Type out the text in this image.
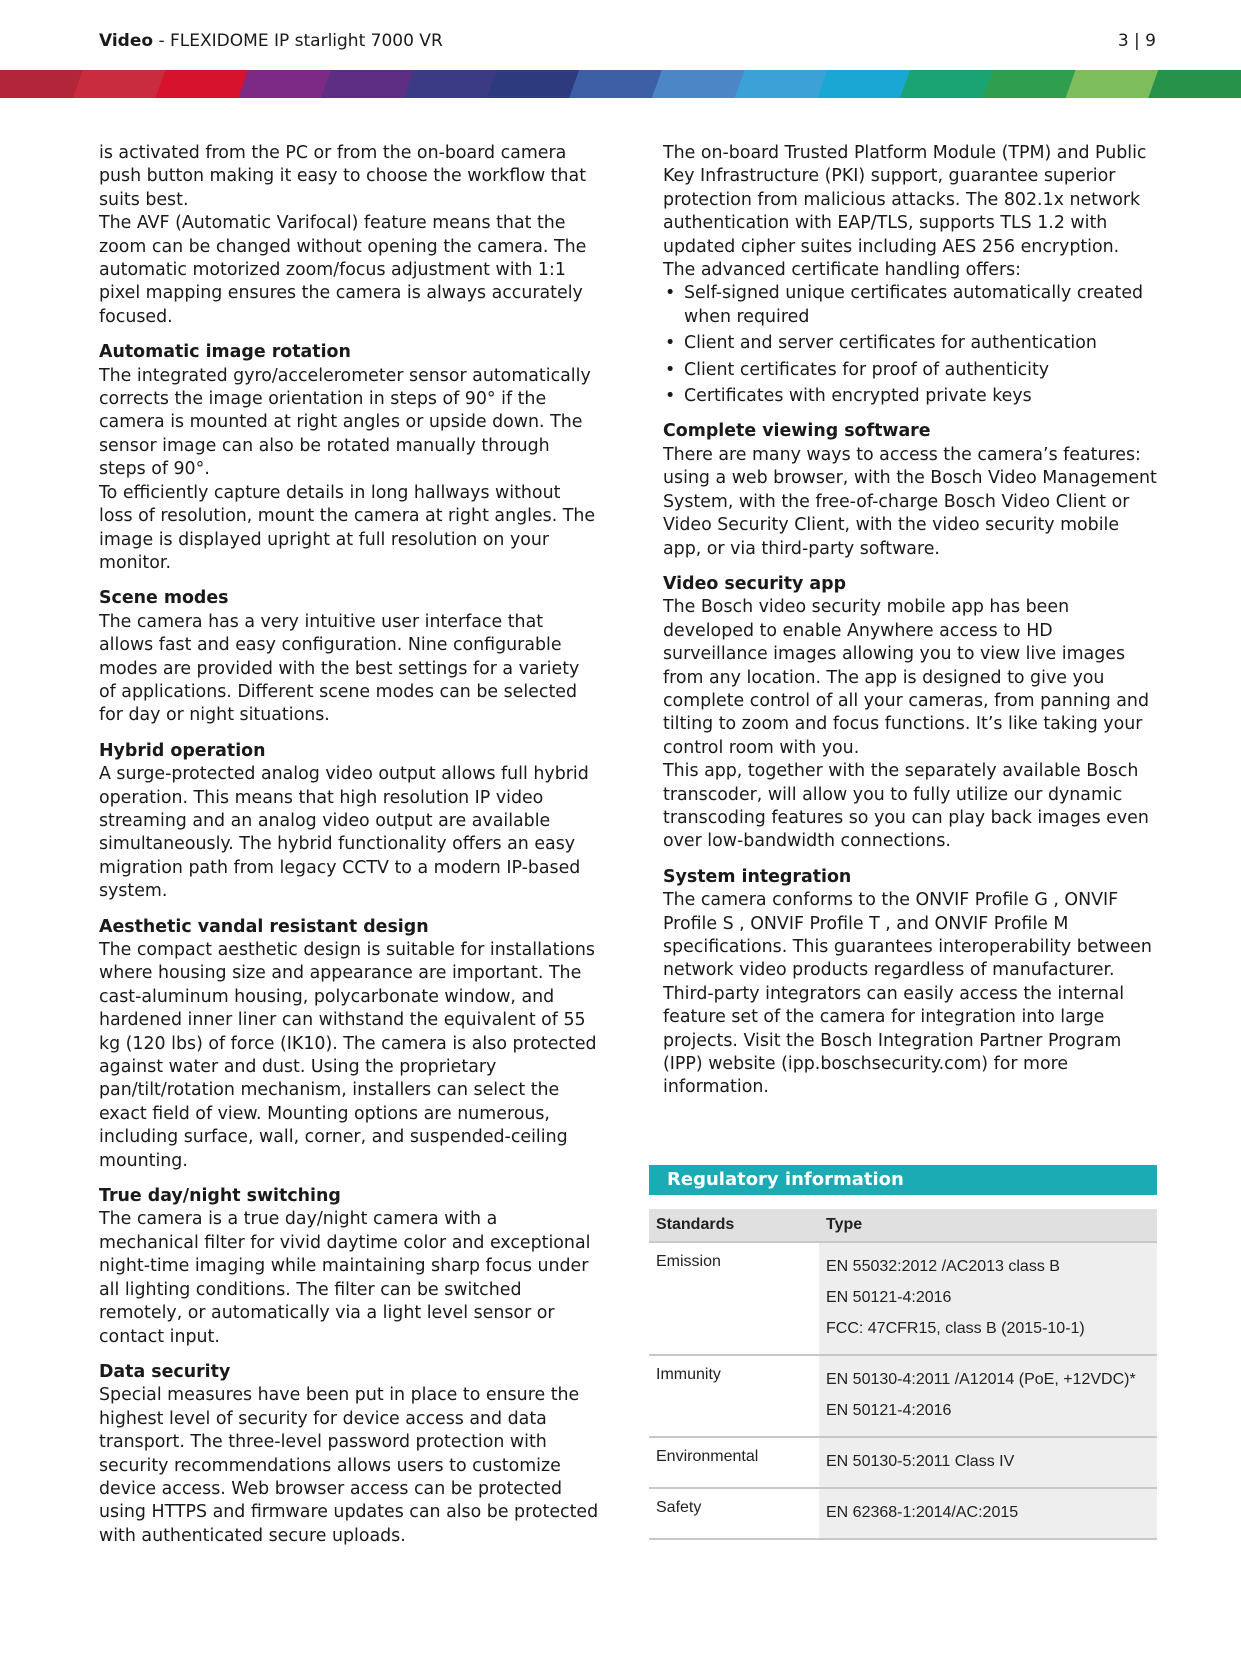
Video - FLEXIDOME IP starlight 7000 VR	3 | 9

is activated from the PC or from the on-board camera push button making it easy to choose the workflow that suits best.

The AVF (Automatic Varifocal) feature means that the zoom can be changed without opening the camera. The automatic motorized zoom/focus adjustment with 1:1 pixel mapping ensures the camera is always accurately focused.

Automatic image rotation

The integrated gyro/accelerometer sensor automatically corrects the image orientation in steps of 90° if the camera is mounted at right angles or upside down. The sensor image can also be rotated manually through steps of 90°.

To efficiently capture details in long hallways without loss of resolution, mount the camera at right angles. The image is displayed upright at full resolution on your monitor.

Scene modes

The camera has a very intuitive user interface that allows fast and easy configuration. Nine configurable modes are provided with the best settings for a variety of applications. Different scene modes can be selected for day or night situations.

Hybrid operation

A surge-protected analog video output allows full hybrid operation. This means that high resolution IP video streaming and an analog video output are available simultaneously. The hybrid functionality offers an easy migration path from legacy CCTV to a modern IP-based system.

Aesthetic vandal resistant design

The compact aesthetic design is suitable for installations where housing size and appearance are important. The cast-aluminum housing, polycarbonate window, and hardened inner liner can withstand the equivalent of 55 kg (120 lbs) of force (IK10). The camera is also protected against water and dust. Using the proprietary pan/tilt/rotation mechanism, installers can select the exact field of view. Mounting options are numerous, including surface, wall, corner, and suspended-ceiling mounting.

True day/night switching

The camera is a true day/night camera with a mechanical filter for vivid daytime color and exceptional night-time imaging while maintaining sharp focus under all lighting conditions. The filter can be switched remotely, or automatically via a light level sensor or contact input.

Data security

Special measures have been put in place to ensure the highest level of security for device access and data transport. The three-level password protection with security recommendations allows users to customize device access. Web browser access can be protected using HTTPS and firmware updates can also be protected with authenticated secure uploads.

The on-board Trusted Platform Module (TPM) and Public Key Infrastructure (PKI) support, guarantee superior protection from malicious attacks. The 802.1x network authentication with EAP/TLS, supports TLS 1.2 with updated cipher suites including AES 256 encryption.

The advanced certificate handling offers:

• Self-signed unique certificates automatically created when required
• Client and server certificates for authentication
• Client certificates for proof of authenticity
• Certificates with encrypted private keys
Complete viewing software

There are many ways to access the camera’s features: using a web browser, with the Bosch Video Management System, with the free-of-charge Bosch Video Client or Video Security Client, with the video security mobile app, or via third-party software.

Video security app

The Bosch video security mobile app has been developed to enable Anywhere access to HD surveillance images allowing you to view live images from any location. The app is designed to give you complete control of all your cameras, from panning and tilting to zoom and focus functions. It’s like taking your control room with you.

This app, together with the separately available Bosch transcoder, will allow you to fully utilize our dynamic transcoding features so you can play back images even over low-bandwidth connections.

System integration

The camera conforms to the ONVIF Profile G , ONVIF Profile S , ONVIF Profile T , and ONVIF Profile M specifications. This guarantees interoperability between network video products regardless of manufacturer.

Third-party integrators can easily access the internal feature set of the camera for integration into large projects. Visit the Bosch Integration Partner Program (IPP) website (ipp.boschsecurity.com) for more information.

Regulatory information
Standards	Type

Emission	EN 55032:2012 /AC2013 class B
EN 50121-4:2016
FCC: 47CFR15, class B (2015-10-1)

Immunity	EN 50130-4:2011 /A12014 (PoE, +12VDC)*
EN 50121-4:2016

Environmental	EN 50130-5:2011 Class IV

Safety	EN 62368-1:2014/AC:2015
